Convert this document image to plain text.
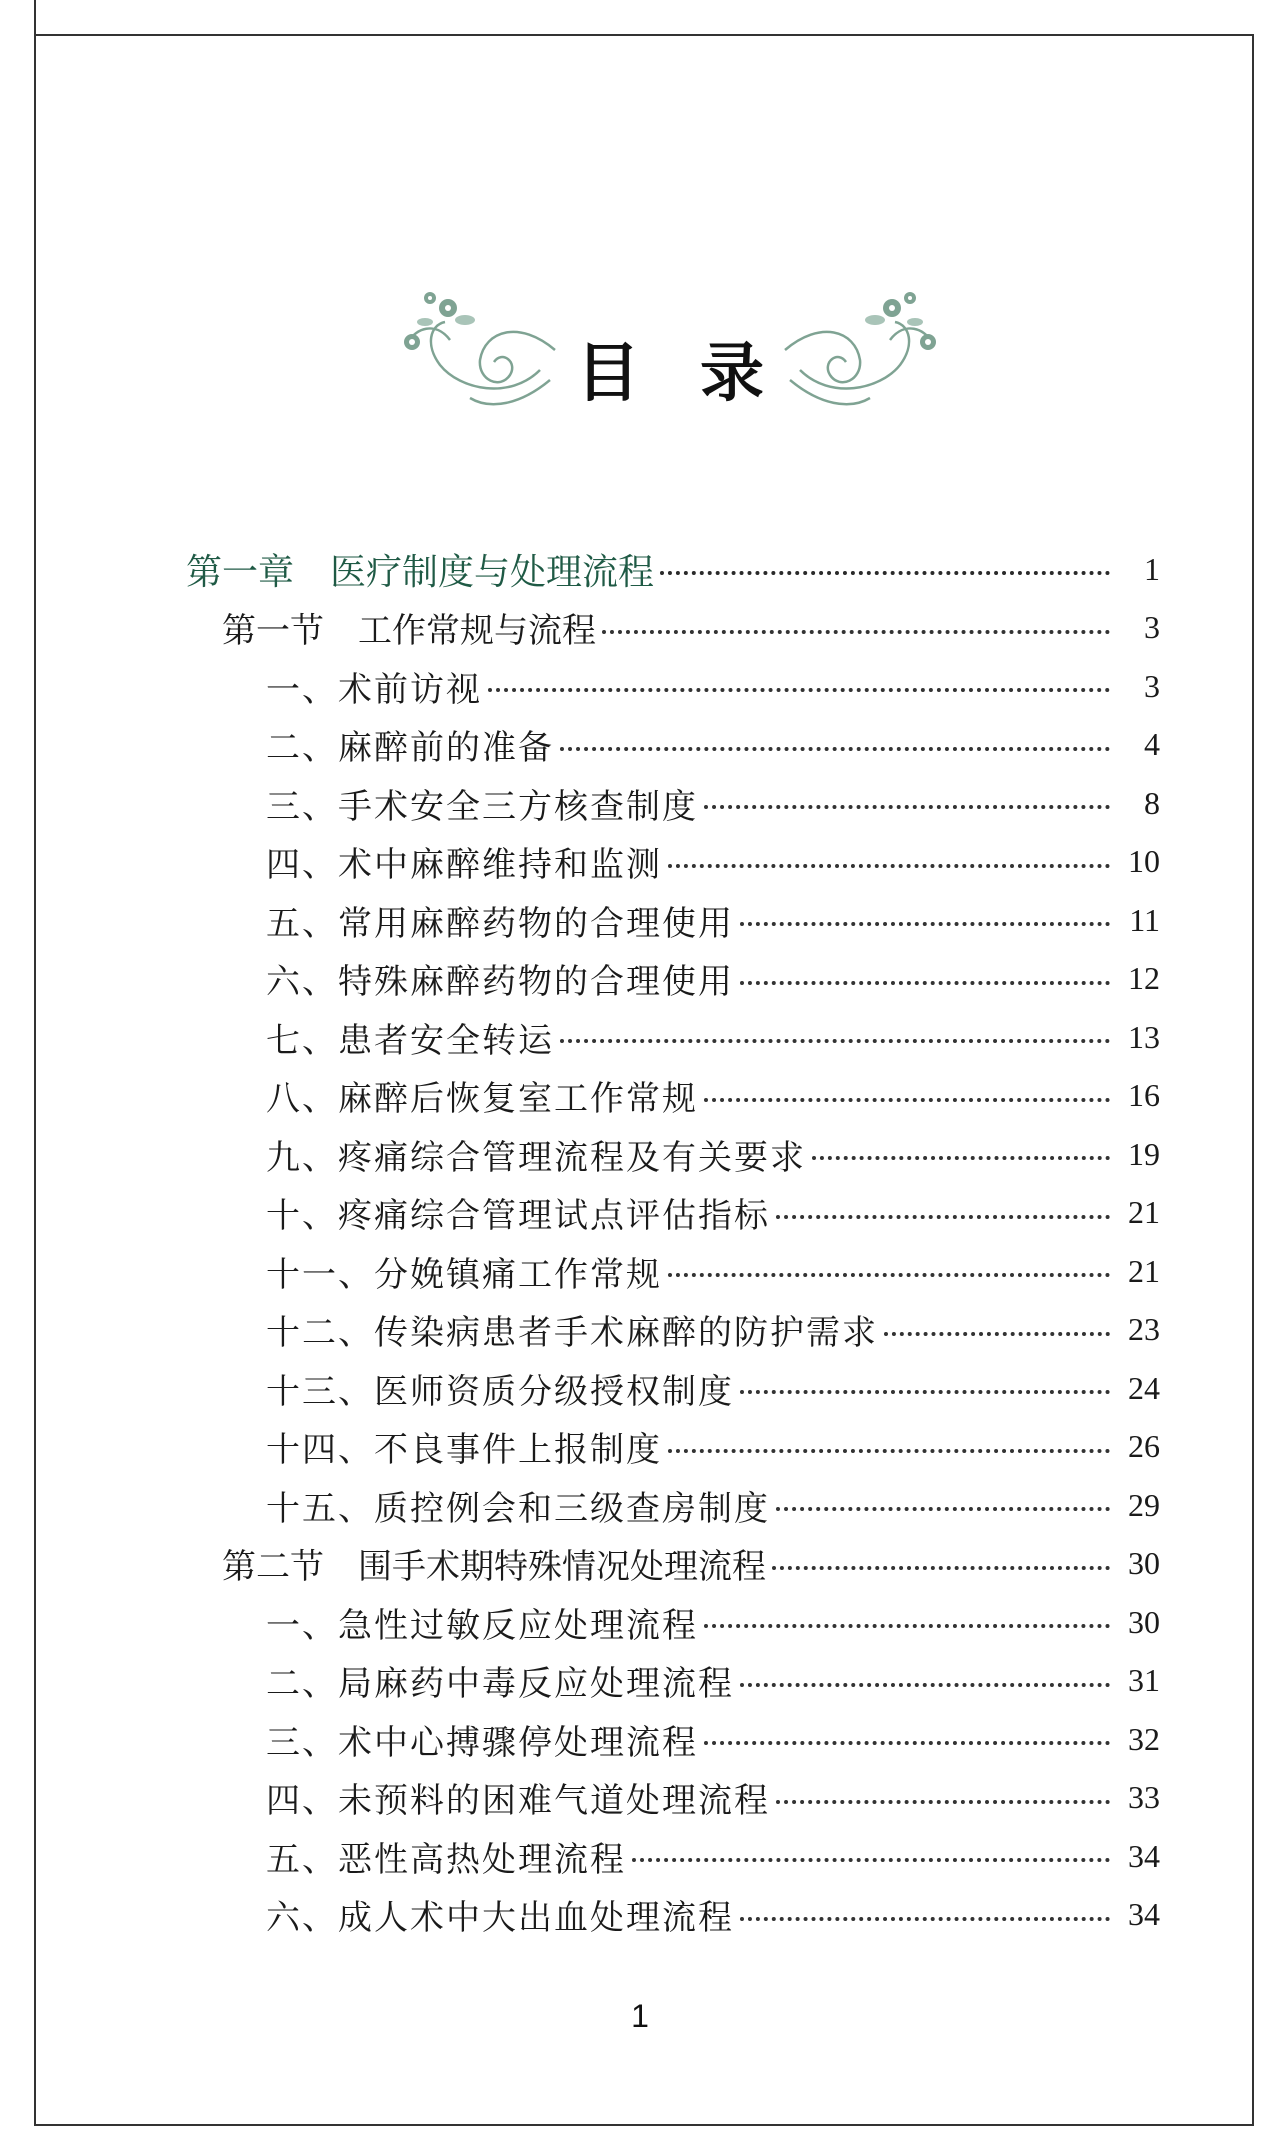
目录
第一章　医疗制度与处理流程	1
第一节　工作常规与流程	3
一、术前访视	3
二、麻醉前的准备	4
三、手术安全三方核查制度	8
四、术中麻醉维持和监测	10
五、常用麻醉药物的合理使用	11
六、特殊麻醉药物的合理使用	12
七、患者安全转运	13
八、麻醉后恢复室工作常规	16
九、疼痛综合管理流程及有关要求	19
十、疼痛综合管理试点评估指标	21
十一、分娩镇痛工作常规	21
十二、传染病患者手术麻醉的防护需求	23
十三、医师资质分级授权制度	24
十四、不良事件上报制度	26
十五、质控例会和三级查房制度	29
第二节　围手术期特殊情况处理流程	30
一、急性过敏反应处理流程	30
二、局麻药中毒反应处理流程	31
三、术中心搏骤停处理流程	32
四、未预料的困难气道处理流程	33
五、恶性高热处理流程	34
六、成人术中大出血处理流程	34
1
